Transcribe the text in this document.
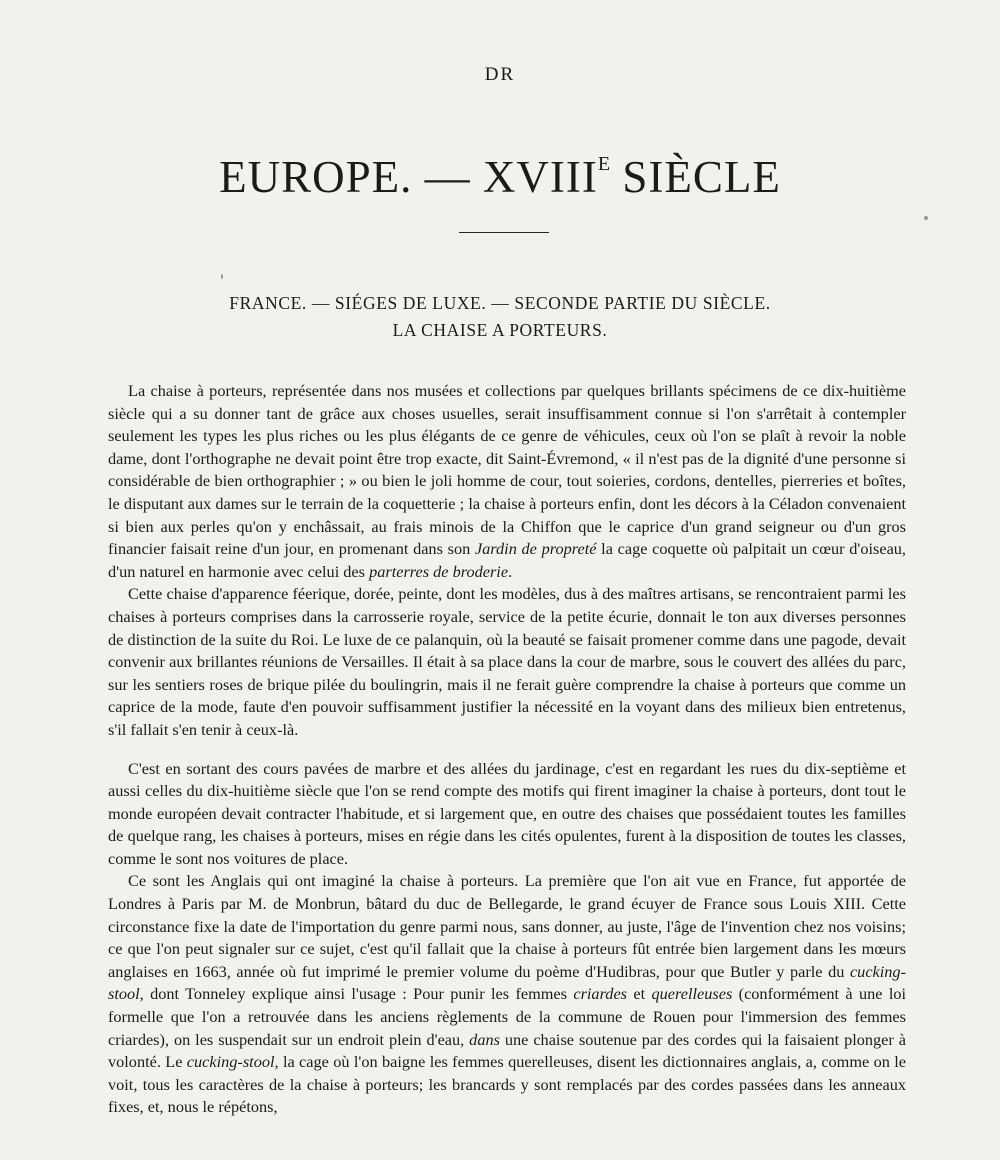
DR
EUROPE. — $XVIII^E$ SIÈCLE
FRANCE. — SIÉGES DE LUXE. — SECONDE PARTIE DU SIÈCLE.
LA CHAISE A PORTEURS.

La chaise à porteurs, représentée dans nos musées et collections par quelques brillants spécimens de ce dix-huitième siècle qui a su donner tant de grâce aux choses usuelles, serait insuffisamment connue si l'on s'arrêtait à contempler seulement les types les plus riches ou les plus élégants de ce genre de véhicules, ceux où l'on se plaît à revoir la noble dame, dont l'orthographe ne devait point être trop exacte, dit Saint-Évremond, « il n'est pas de la dignité d'une personne si considérable de bien orthographier ; » ou bien le joli homme de cour, tout soieries, cordons, dentelles, pierreries et boîtes, le disputant aux dames sur le terrain de la coquetterie ; la chaise à porteurs enfin, dont les décors à la Céladon convenaient si bien aux perles qu'on y enchâssait, au frais minois de la Chiffon que le caprice d'un grand seigneur ou d'un gros financier faisait reine d'un jour, en promenant dans son Jardin de propreté la cage coquette où palpitait un cœur d'oiseau, d'un naturel en harmonie avec celui des parterres de broderie.

Cette chaise d'apparence féerique, dorée, peinte, dont les modèles, dus à des maîtres artisans, se rencontraient parmi les chaises à porteurs comprises dans la carrosserie royale, service de la petite écurie, donnait le ton aux diverses personnes de distinction de la suite du Roi. Le luxe de ce palanquin, où la beauté se faisait promener comme dans une pagode, devait convenir aux brillantes réunions de Versailles. Il était à sa place dans la cour de marbre, sous le couvert des allées du parc, sur les sentiers roses de brique pilée du boulingrin, mais il ne ferait guère comprendre la chaise à porteurs que comme un caprice de la mode, faute d'en pouvoir suffisamment justifier la nécessité en la voyant dans des milieux bien entretenus, s'il fallait s'en tenir à ceux-là.

C'est en sortant des cours pavées de marbre et des allées du jardinage, c'est en regardant les rues du dix-septième et aussi celles du dix-huitième siècle que l'on se rend compte des motifs qui firent imaginer la chaise à porteurs, dont tout le monde européen devait contracter l'habitude, et si largement que, en outre des chaises que possédaient toutes les familles de quelque rang, les chaises à porteurs, mises en régie dans les cités opulentes, furent à la disposition de toutes les classes, comme le sont nos voitures de place.

Ce sont les Anglais qui ont imaginé la chaise à porteurs. La première que l'on ait vue en France, fut apportée de Londres à Paris par M. de Monbrun, bâtard du duc de Bellegarde, le grand écuyer de France sous Louis XIII. Cette circonstance fixe la date de l'importation du genre parmi nous, sans donner, au juste, l'âge de l'invention chez nos voisins; ce que l'on peut signaler sur ce sujet, c'est qu'il fallait que la chaise à porteurs fût entrée bien largement dans les mœurs anglaises en 1663, année où fut imprimé le premier volume du poème d'Hudibras, pour que Butler y parle du cucking-stool, dont Tonneley explique ainsi l'usage : Pour punir les femmes criardes et querelleuses (conformément à une loi formelle que l'on a retrouvée dans les anciens règlements de la commune de Rouen pour l'immersion des femmes criardes), on les suspendait sur un endroit plein d'eau, dans une chaise soutenue par des cordes qui la faisaient plonger à volonté. Le cucking-stool, la cage où l'on baigne les femmes querelleuses, disent les dictionnaires anglais, a, comme on le voit, tous les caractères de la chaise à porteurs; les brancards y sont remplacés par des cordes passées dans les anneaux fixes, et, nous le répétons,
